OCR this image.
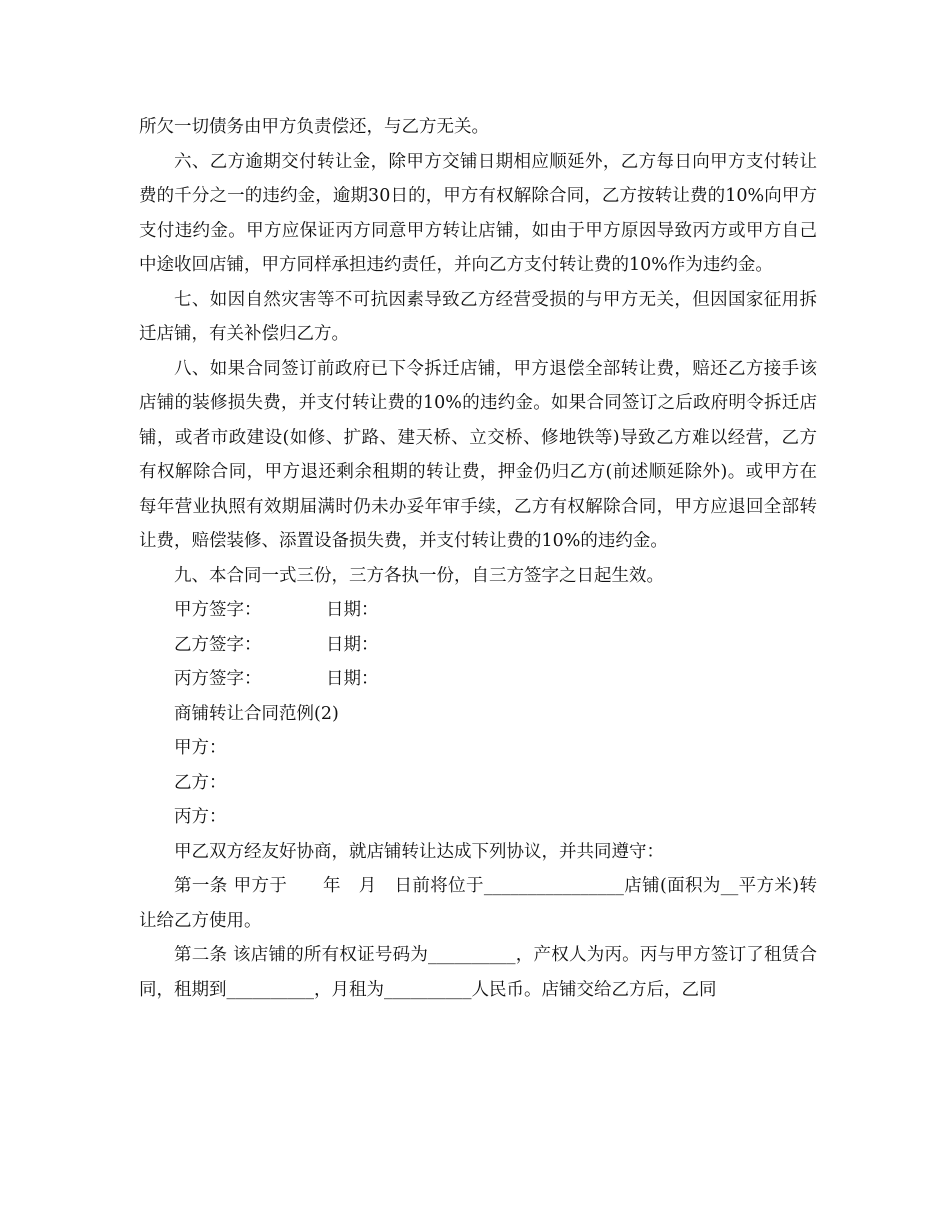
所欠一切债务由甲方负责偿还，与乙方无关。

六、乙方逾期交付转让金，除甲方交铺日期相应顺延外，乙方每日向甲方支付转让费的千分之一的违约金，逾期30日的，甲方有权解除合同，乙方按转让费的10%向甲方支付违约金。甲方应保证丙方同意甲方转让店铺，如由于甲方原因导致丙方或甲方自己中途收回店铺，甲方同样承担违约责任，并向乙方支付转让费的10%作为违约金。

七、如因自然灾害等不可抗因素导致乙方经营受损的与甲方无关，但因国家征用拆迁店铺，有关补偿归乙方。

八、如果合同签订前政府已下令拆迁店铺，甲方退偿全部转让费，赔还乙方接手该店铺的装修损失费，并支付转让费的10%的违约金。如果合同签订之后政府明令拆迁店铺，或者市政建设(如修、扩路、建天桥、立交桥、修地铁等)导致乙方难以经营，乙方有权解除合同，甲方退还剩余租期的转让费，押金仍归乙方(前述顺延除外)。或甲方在每年营业执照有效期届满时仍未办妥年审手续，乙方有权解除合同，甲方应退回全部转让费，赔偿装修、添置设备损失费，并支付转让费的10%的违约金。

九、本合同一式三份，三方各执一份，自三方签字之日起生效。

甲方签字：	日期：
乙方签字：	日期：
丙方签字：	日期：

商铺转让合同范例(2)

甲方：

乙方：

丙方：

甲乙双方经友好协商，就店铺转让达成下列协议，并共同遵守：

第一条 甲方于　　年　月　日前将位于________________店铺(面积为__平方米)转让给乙方使用。

第二条 该店铺的所有权证号码为__________，产权人为丙。丙与甲方签订了租赁合同，租期到__________，月租为__________人民币。店铺交给乙方后，乙同
